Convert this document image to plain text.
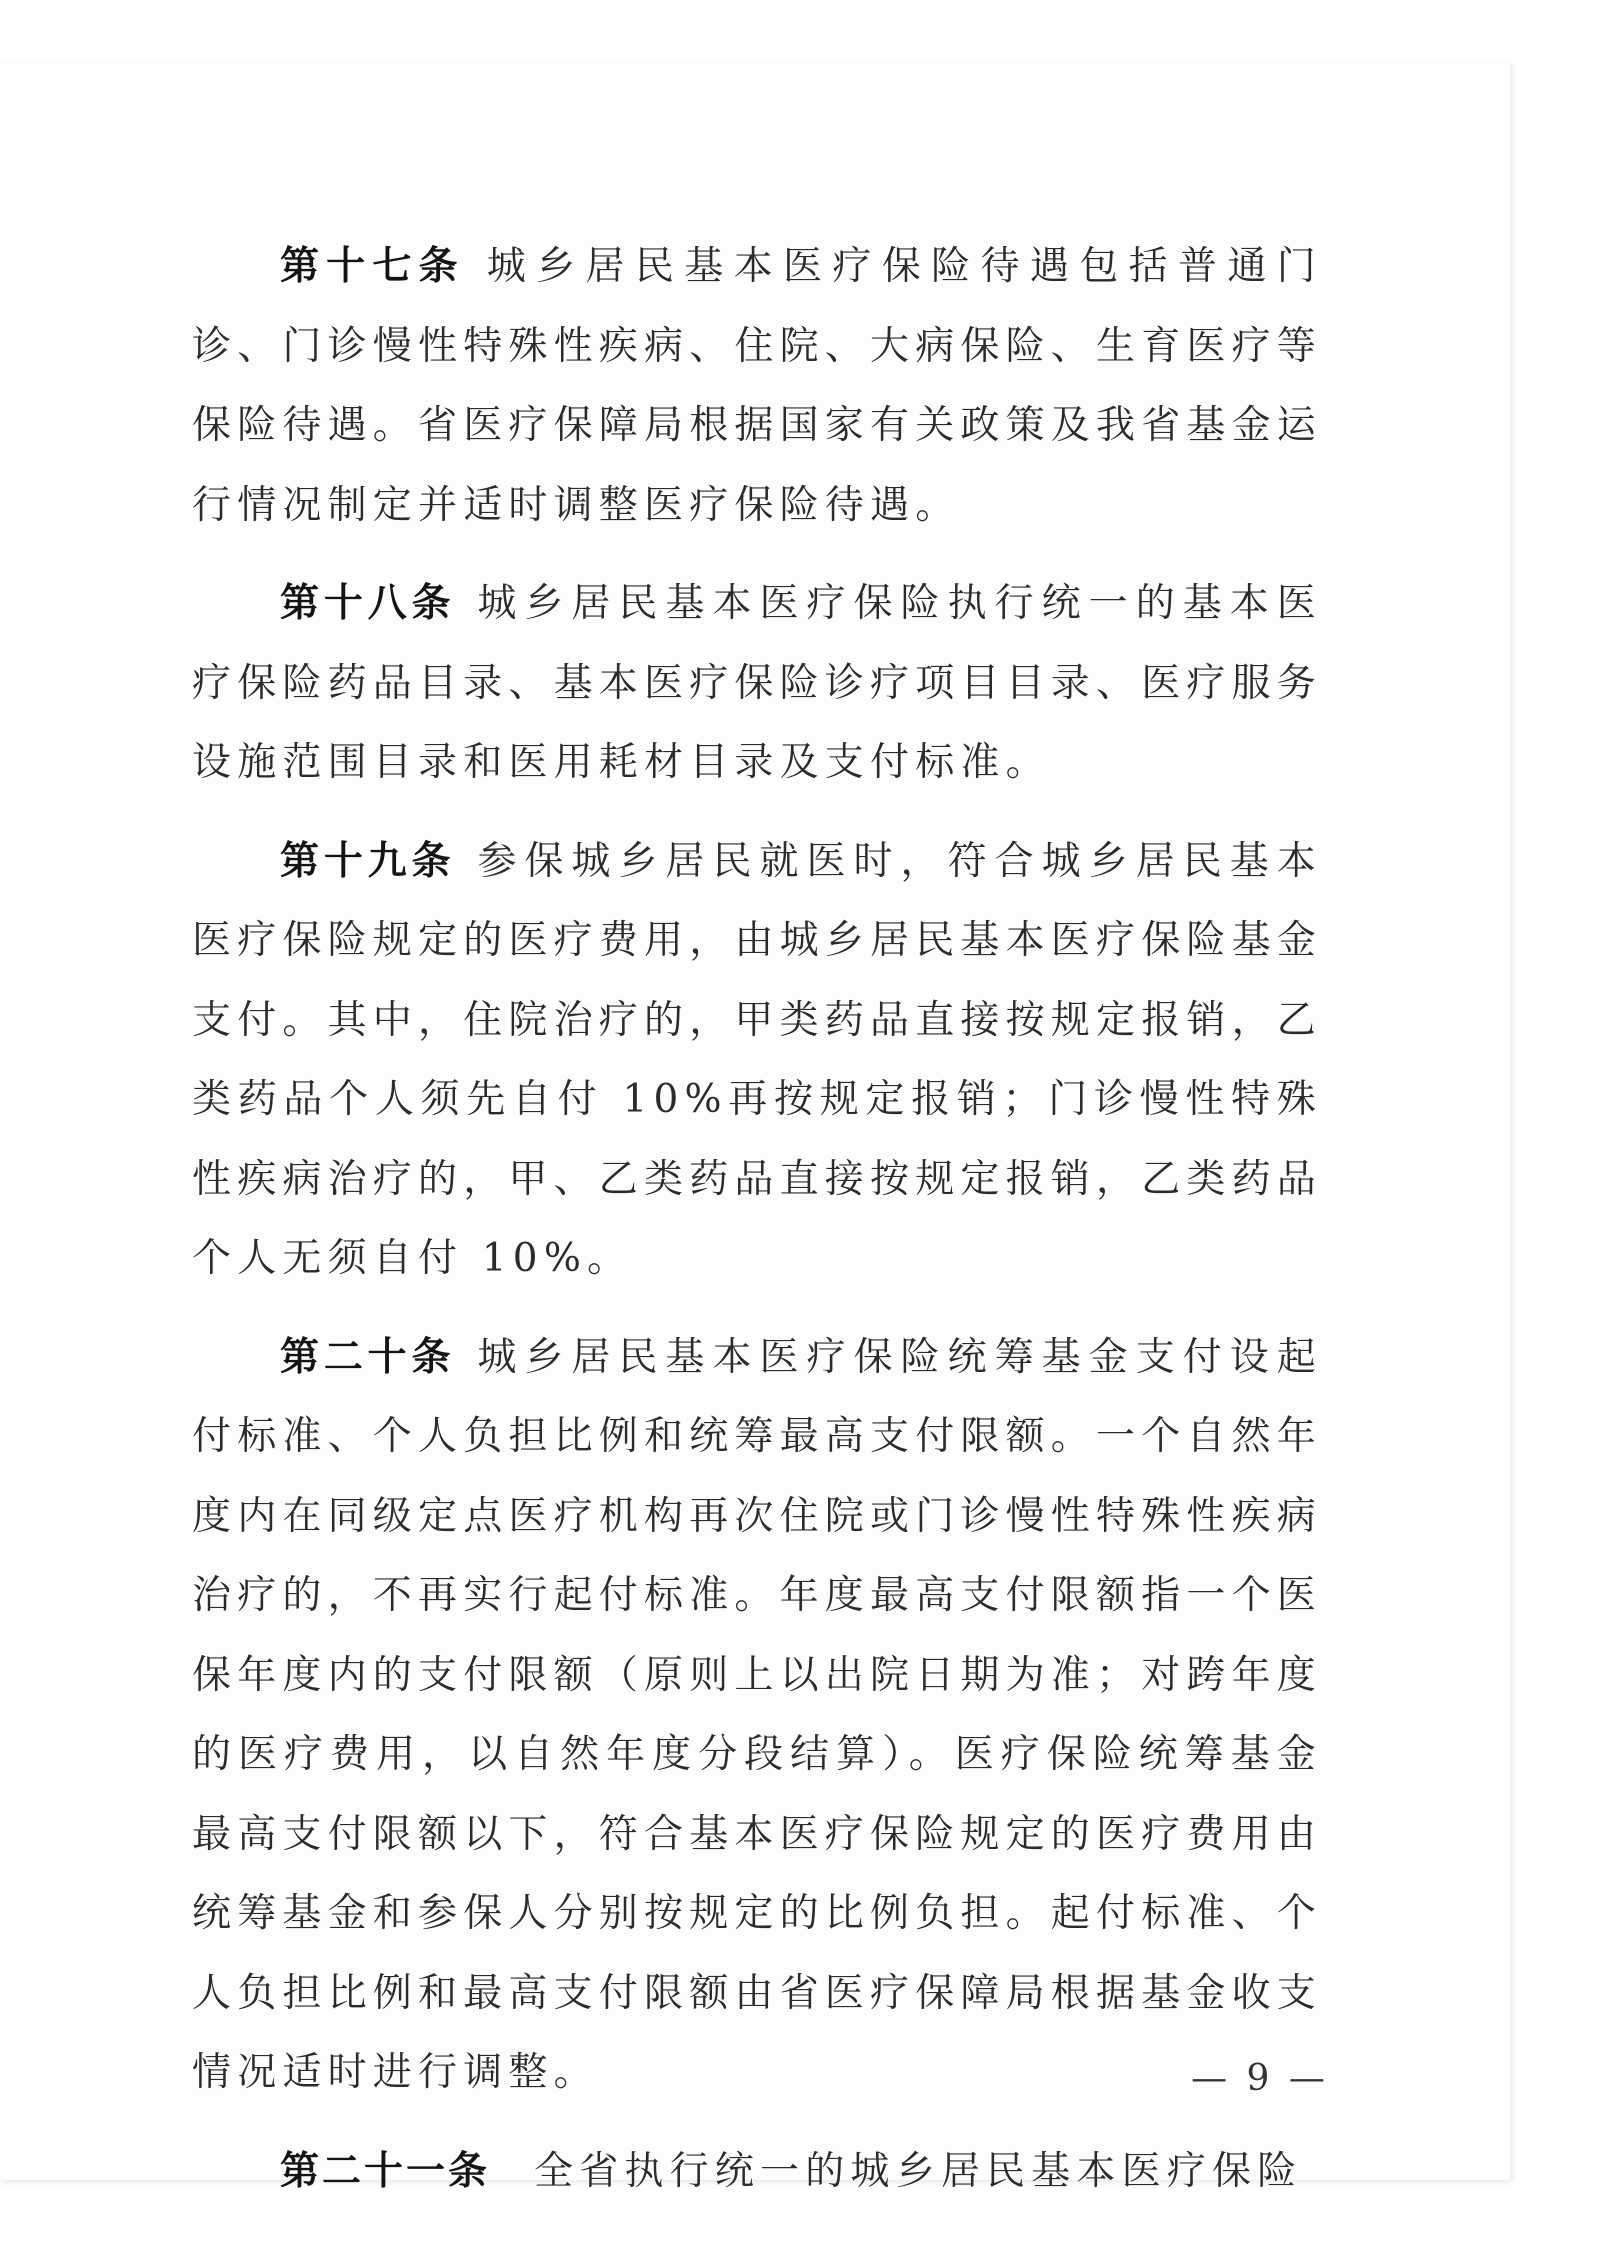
第十七条 城乡居民基本医疗保险待遇包括普通门诊、门诊慢性特殊性疾病、住院、大病保险、生育医疗等保险待遇。省医疗保障局根据国家有关政策及我省基金运行情况制定并适时调整医疗保险待遇。

第十八条 城乡居民基本医疗保险执行统一的基本医疗保险药品目录、基本医疗保险诊疗项目目录、医疗服务设施范围目录和医用耗材目录及支付标准。

第十九条 参保城乡居民就医时，符合城乡居民基本医疗保险规定的医疗费用，由城乡居民基本医疗保险基金支付。其中，住院治疗的，甲类药品直接按规定报销，乙类药品个人须先自付 10%再按规定报销；门诊慢性特殊性疾病治疗的，甲、乙类药品直接按规定报销，乙类药品个人无须自付 10%。

第二十条 城乡居民基本医疗保险统筹基金支付设起付标准、个人负担比例和统筹最高支付限额。一个自然年度内在同级定点医疗机构再次住院或门诊慢性特殊性疾病治疗的，不再实行起付标准。年度最高支付限额指一个医保年度内的支付限额（原则上以出院日期为准；对跨年度的医疗费用，以自然年度分段结算）。医疗保险统筹基金最高支付限额以下，符合基本医疗保险规定的医疗费用由统筹基金和参保人分别按规定的比例负担。起付标准、个人负担比例和最高支付限额由省医疗保障局根据基金收支情况适时进行调整。

第二十一条 全省执行统一的城乡居民基本医疗保险

— 9 —
